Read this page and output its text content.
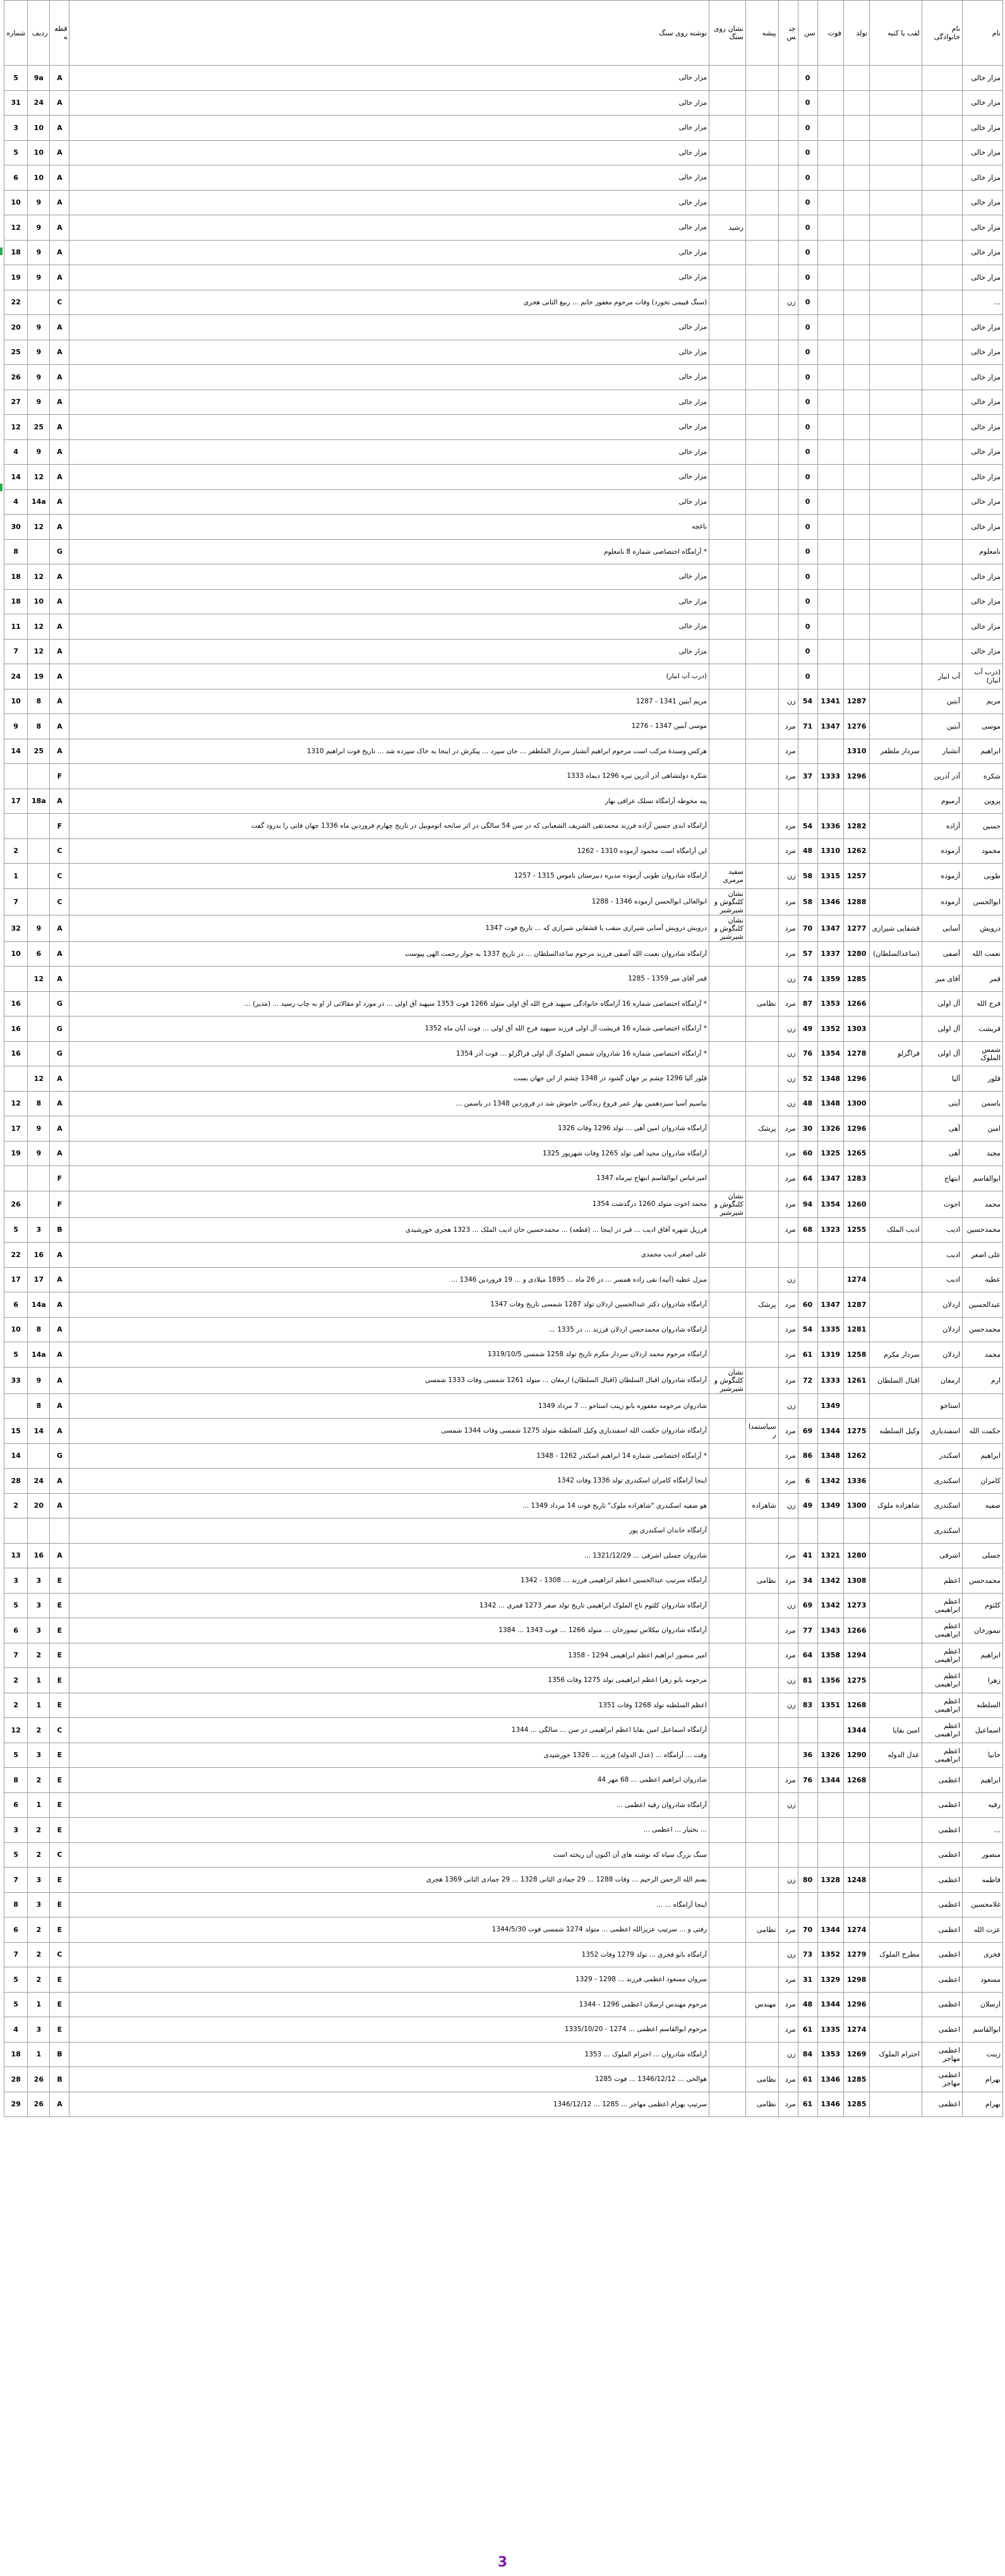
نام	نام خانوادگی	لقب یا کنیه	تولد	فوت	سن	جنس	پیشه	نشان روی سنگ	نوشته روی سنگ	قطعه	ردیف	شماره
مزار خالی					0				مزار خالی	A	9a	5
مزار خالی					0				مزار خالی	A	24	31
مزار خالی					0				مزار خالی	A	10	3
مزار خالی					0				مزار خالی	A	10	5
مزار خالی					0				مزار خالی	A	10	6
مزار خالی					0				مزار خالی	A	9	10
مزار خالی					0			رشید	مزار خالی	A	9	12
مزار خالی					0				مزار خالی	A	9	18
مزار خالی					0				مزار خالی	A	9	19
...					0	زن			(سنگ قبیمی تخورد) وفات مرحوم مغفور خانم ... ربیع الثانی هجری	C		22
مزار خالی					0				مزار خالی	A	9	20
مزار خالی					0				مزار خالی	A	9	25
مزار خالی					0				مزار خالی	A	9	26
مزار خالی					0				مزار خالی	A	9	27
مزار خالی					0				مزار خالی	A	25	12
مزار خالی					0				مزار خالی	A	9	4
مزار خالی					0				مزار خالی	A	12	14
مزار خالی					0				مزار خالی	A	14a	4
مزار خالی					0				باغچه	A	12	30
نامعلوم					0				* آرامگاه اختصاصی شماره 8 نامعلوم	G		8
مزار خالی					0				مزار خالی	A	12	18
مزار خالی					0				مزار خالی	A	10	18
مزار خالی					0				مزار خالی	A	12	11
مزار خالی					0				مزار خالی	A	12	7
(درب آب انبار)	آب انبار				0				(درب آب انبار)	A	19	24
مریم	آبتین		1287	1341	54	زن			مریم آبتین 1341 - 1287	A	8	10
موسی	آبتین		1276	1347	71	مرد			موسی آبتین 1347 - 1276	A	8	9
ابراهیم	آتشبار	سردار ملطفر	1310			مرد			هرکس وسندهٔ مرکب است مرحوم ابراهیم آتشبار سردار الملطفر ... جان سپرد ... پیکرش در اینجا به خاک سپرده شد ... تاریخ فوت ابراهیم 1310	A	25	14
شکره	آذر آذرین		1296	1333	37	مرد			شکره دولتشاهی آذر آذرین تبره 1296 دیماه 1333	F		
پروین	آرمبوم								پته مخوطه آرامگاه تسلک عراقی بهار	A	18a	17
حسین	آزاده		1282	1336	54	مرد			آرامگاه ابدی حسین آزاده فرزند محمدتقی الشریف الشعبانی که در سن 54 سالگی در اثر سانحه اتوموبیل در تاریخ چهارم فروردین ماه 1336 جهان فانی را بدرود گفت	F		
محمود	آزموده		1262	1310	48	مرد			این آرامگاه است محمود آزموده 1310 - 1262	C		2
طوبی	آزموده		1257	1315	58	زن		سفید مرمری	آرامگاه شادروان طوبی آزموده مدیره دبیرستان ناموس 1315 - 1257	C		1
ابوالحسن	آزموده		1288	1346	58	مرد		نشان کلنگوش و شیرشیر	ابوالعالی ابوالحسن آزموده 1346 - 1288	C		7
درویش	آسایی	قشقایی شیرازی	1277	1347	70	مرد		نشان کلنگوش و شیرشیر	درویش درویش آسایی شیرازی منقب با قشقایی شیرازی که ... تاریخ فوت 1347	A	9	32
نعمت الله	آصفی	(ساعدالسلطان)	1280	1337	57	مرد			آرامگاه شادروان نعمت الله آصفی فرزند مرحوم ساعدالسلطان ... در تاریخ 1337 به جوار رحمت الهی پیوست	A	6	10
قمر	آقای میر		1285	1359	74	زن			قمر آقای میر 1359 - 1285	A	12	
فرج الله	آل اولی		1266	1353	87	مرد	نظامی		* آرامگاه اختصاصی شماره 16 آرامگاه خانوادگی سپهبد فرج الله آق اولی متولد 1266 فوت 1353 سپهبد آق اولی ... در مورد او مقالاتی از او به چاپ رسید ... (مدیر) ...	G		16
قریشت	آل اولی		1303	1352	49	زن			* آرامگاه اختصاصی شماره 16 قریشت آل اولی فرزند سپهبد فرج الله آق اولی ... فوت آبان ماه 1352	G		16
شمس الملوک	آل اولی	قراگزلو	1278	1354	76	زن			* آرامگاه اختصاصی شماره 16 شادروان شمس الملوک آل اولی قراگزلو ... فوت آذر 1354	G		16
قلور	آلیا		1296	1348	52	زن			قلور آلیا 1296 چشم بر جهان گشود در 1348 چشم از این جهان بست	A	12	
یاسمن	آیتی		1300	1348	48	زن			بیاسیم آسیا سیزدهمین بهار عمر فروغ زندگانی خاموش شد در فروردین 1348 در یاسمن ...	A	8	12
امین	آهی		1296	1326	30	مرد	پزشک		آرامگاه شادروان امین آهی ... تولد 1296 وفات 1326	A	9	17
مجید	آهی		1265	1325	60	مرد			آرامگاه شادروان مجید آهی تولد 1265 وفات شهریور 1325	A	9	19
ابوالقاسم	ابتهاج		1283	1347	64	مرد			امیرعباس ابوالقاسم ابتهاج تیرماه 1347	F		
محمد	احوت		1260	1354	94	مرد		نشان کلنگوش و شیرشیر	محمد اخوت متولد 1260 درگذشت 1354	F		26
محمدحسین	ادیب	ادیب الملک	1255	1323	68	مرد			فرزیل شهره آفاق ادیب ... قبر در اینجا ... (قطعه) ... محمدحسین خان ادیب الملک ... 1323 هجری خورشیدی	B	3	5
علی اصغر	ادیب								علی اصغر ادیب محمدی	A	16	22
عطیه	ادیب		1274			زن			منزل عطیه (آتیه) نقی زاده همسر ... در 26 ماه ... 1895 میلادی و ... 19 فروردین 1346 ...	A	17	17
عبدالحسین	اردلان		1287	1347	60	مرد	پزشک		آرامگاه شادروان دکتر عبدالحسین اردلان تولد 1287 شمسی تاریخ وفات 1347	A	14a	6
محمدحسن	اردلان		1281	1335	54	مرد			آرامگاه شادروان محمدحسن اردلان فرزند ... در 1335 ...	A	8	10
محمد	اردلان	سردار مکرم	1258	1319	61	مرد			آرامگاه مرحوم محمد اردلان سردار مکرم تاریخ تولد 1258 شمسی 1319/10/5	A	14a	5
ارم	ارمغان	اقبال السلطان	1261	1333	72	مرد		نشان کلنگوش و شیرشیر	آرامگاه شادروان اقبال السلطان (اقبال السلطان) ارمغان ... متولد 1261 شمسی وفات 1333 شمسی	A	9	33
	استاجو			1349		زن			شادروان مرحومه مغفوره بانو زینب استاجو ... 7 مرداد 1349	A	8	
حکمت الله	اسفندیاری	وکیل السلطنه	1275	1344	69	مرد	سیاستمدار		آرامگاه شادروان حکمت الله اسفندیاری وکیل السلطنه متولد 1275 شمسی وفات 1344 شمسی	A	14	15
ابراهیم	اسکندر		1262	1348	86	مرد			* آرامگاه اختصاصی شماره 14 ابراهیم اسکندر 1262 - 1348	G		14
کامران	اسکندری		1336	1342	6	مرد			اینجا آرامگاه کامران اسکندری تولد 1336 وفات 1342	A	24	28
صفیه	اسکندری	شاهزاده ملوک	1300	1349	49	زن	شاهزاده		هو صفیه اسکندری "شاهزاده ملوک" تاریخ فوت 14 مرداد 1349 ...	A	20	2
	اسکندری								آرامگاه خاندان اسکندری پور			
جسلی	اشرفی		1280	1321	41	مرد			شادروان جسلی اشرفی ... 1321/12/29 ...	A	16	13
محمدحسن	اعظم		1308	1342	34	مرد	نظامی		آرامگاه سرتیپ عبدالحسین اعظم ابراهیمی فرزند ... 1308 - 1342	E	3	3
کلثوم	اعظم ابراهیمی		1273	1342	69	زن			آرامگاه شادروان کلثوم ناج الملوک ابراهیمی تاریخ تولد صفر 1273 قمری ... 1342	E	3	5
تیمورخان	اعظم ابراهیمی		1266	1343	77	مرد			آرامگاه شادروان نیکلاس تیمورخان ... متولد 1266 ... فوت 1343 ... 1384	E	3	6
ابراهیم	اعظم ابراهیمی		1294	1358	64	مرد			امیر منصور ابراهیم اعظم ابراهیمی 1294 - 1358	E	2	7
زهرا	اعظم ابراهیمی		1275	1356	81	زن			مرحومه بانو زهرا اعظم ابراهیمی تولد 1275 وفات 1356	E	1	2
السلطنه	اعظم ابراهیمی		1268	1351	83	زن			اعظم السلطنه تولد 1268 وفات 1351	E	1	2
اسماعیل	اعظم ابراهیمی	امین بقایا	1344						آرامگاه اسماعیل امین بقایا اعظم ابراهیمی در سن ... سالگی ... 1344	C	2	12
خانیا	اعظم ابراهیمی	عدل الدوله	1290	1326	36				وقت ... آرامگاه ... (عدل الدوله) فرزند ... 1326 خورشیدی	E	3	5
ابراهیم	اعظمی		1268	1344	76	مرد			شادروان ابراهیم اعظمی ... 68 مهر 44	E	2	8
رقیه	اعظمی					زن			آرامگاه شادروان رقیه اعظمی ...	E	1	6
...	اعظمی								... بختیار ... اعظمی ...	E	2	3
منصور	اعظمی								سنگ بزرگ سیاه که نوشته های آن اکنون آن ریخته است	C	2	5
فاطمه	اعظمی		1248	1328	80	زن			بسم الله الرحمن الرحیم ... وفات 1288 ... 29 جمادی الثانی 1328 ... 29 جمادی الثانی 1369 هجری	E	3	7
غلامحسین	اعظمی								اینجا آرامگاه ... ...	E	3	8
عزت الله	اعظمی		1274	1344	70	مرد	نظامی		رفتی و ... سرتیپ عزیزالله اعظمی ... متولد 1274 شمسی فوت 1344/5/30	E	2	6
فخری	اعظمی	مطرح الملوک	1279	1352	73	زن			آرامگاه بانو فخری ... تولد 1279 وفات 1352	C	2	7
مسعود	اعظمی		1298	1329	31	مرد			سروان مسعود اعظمی فرزند ... 1298 - 1329	E	2	5
ارسلان	اعظمی		1296	1344	48	مرد	مهندس		مرحوم مهندس ارسلان اعظمی 1296 - 1344	E	1	5
ابوالقاسم	اعظمی		1274	1335	61	مرد			مرحوم ابوالقاسم اعظمی ... 1274 - 1335/10/20	E	3	4
زینت	اعظمی مهاجر	احترام الملوک	1269	1353	84	زن			آرامگاه شادروان ... احترام الملوک ... 1353	B	1	18
بهرام	اعظمی مهاجر		1285	1346	61	مرد	نظامی		هوالحی ... 1346/12/12 ... فوت 1285	B	26	28
بهرام	اعظمی		1285	1346	61	مرد	نظامی		سرتیپ بهرام اعظمی مهاجر ... 1285 ... 1346/12/12	A	26	29
3
